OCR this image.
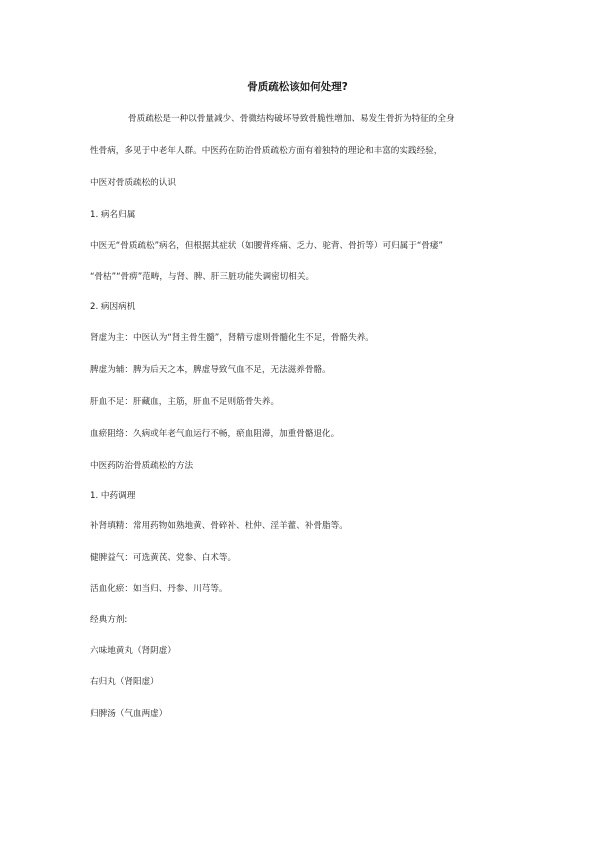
骨质疏松该如何处理?
骨质疏松是一种以骨量减少、骨微结构破坏导致骨脆性增加、易发生骨折为特征的全身
性骨病，多见于中老年人群。中医药在防治骨质疏松方面有着独特的理论和丰富的实践经验，
中医对骨质疏松的认识
1. 病名归属
中医无“骨质疏松”病名，但根据其症状（如腰背疼痛、乏力、驼背、骨折等）可归属于“骨痿”
“骨枯”“骨痹”范畴，与肾、脾、肝三脏功能失调密切相关。
2. 病因病机
肾虚为主：中医认为“肾主骨生髓”，肾精亏虚则骨髓化生不足，骨骼失养。
脾虚为辅：脾为后天之本，脾虚导致气血不足，无法滋养骨骼。
肝血不足：肝藏血，主筋，肝血不足则筋骨失养。
血瘀阻络：久病或年老气血运行不畅，瘀血阻滞，加重骨骼退化。
中医药防治骨质疏松的方法
1. 中药调理
补肾填精：常用药物如熟地黄、骨碎补、杜仲、淫羊藿、补骨脂等。
健脾益气：可选黄芪、党参、白术等。
活血化瘀：如当归、丹参、川芎等。
经典方剂:
六味地黄丸（肾阴虚）
右归丸（肾阳虚）
归脾汤（气血两虚）
